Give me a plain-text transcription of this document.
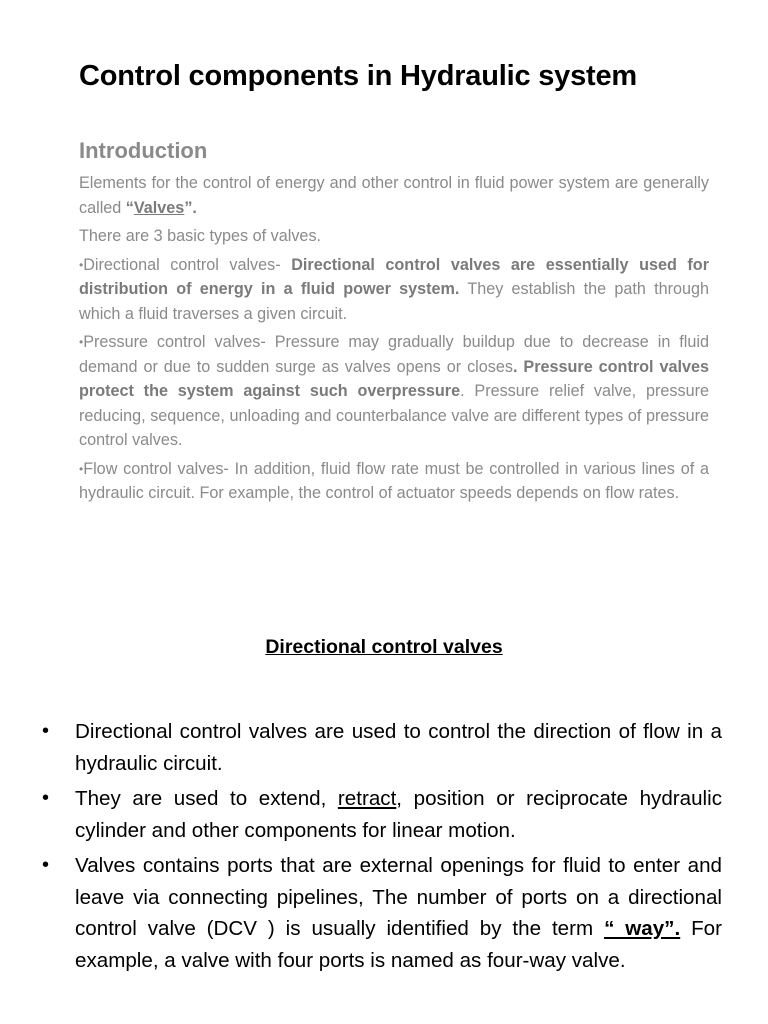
Control components in Hydraulic system
Introduction

Elements for the control of energy and other control in fluid power system are generally called “Valves”.

There are 3 basic types of valves.

•Directional control valves- Directional control valves are essentially used for distribution of energy in a fluid power system. They establish the path through which a fluid traverses a given circuit.

•Pressure control valves- Pressure may gradually buildup due to decrease in fluid demand or due to sudden surge as valves opens or closes. Pressure control valves protect the system against such overpressure. Pressure relief valve, pressure reducing, sequence, unloading and counterbalance valve are different types of pressure control valves.

•Flow control valves- In addition, fluid flow rate must be controlled in various lines of a hydraulic circuit. For example, the control of actuator speeds depends on flow rates.

Directional control valves
• Directional control valves are used to control the direction of flow in a hydraulic circuit.
• They are used to extend, retract, position or reciprocate hydraulic cylinder and other components for linear motion.
• Valves contains ports that are external openings for fluid to enter and leave via connecting pipelines, The number of ports on a directional control valve (DCV ) is usually identified by the term “ way”. For example, a valve with four ports is named as four-way valve.
